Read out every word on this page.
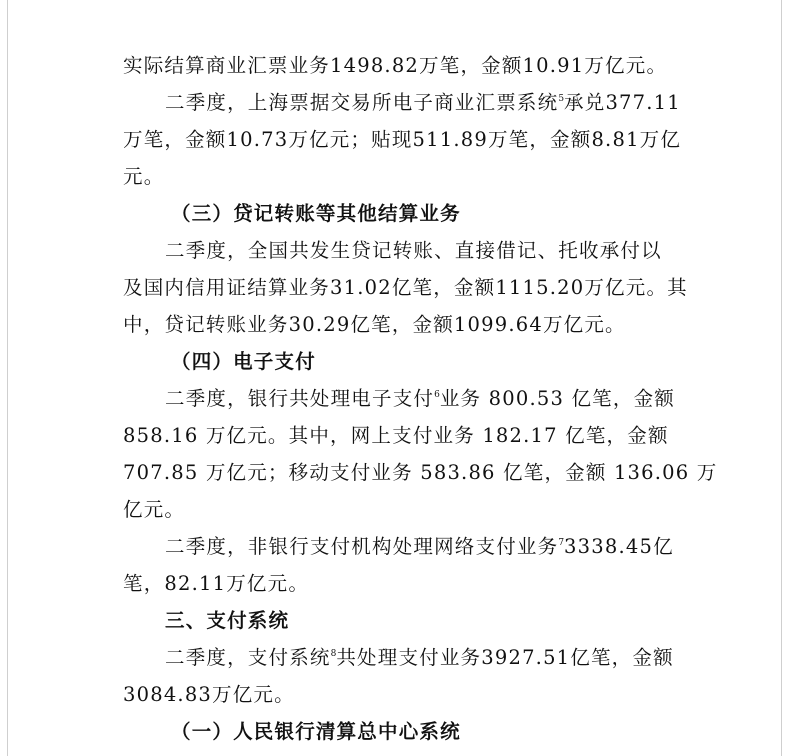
实际结算商业汇票业务1498.82万笔，金额10.91万亿元。

二季度，上海票据交易所电子商业汇票系统$^5$承兑377.11

万笔，金额10.73万亿元；贴现511.89万笔，金额8.81万亿

元。

（三）贷记转账等其他结算业务

二季度，全国共发生贷记转账、直接借记、托收承付以

及国内信用证结算业务31.02亿笔，金额1115.20万亿元。其

中，贷记转账业务30.29亿笔，金额1099.64万亿元。

（四）电子支付

二季度，银行共处理电子支付$^6$业务 800.53 亿笔，金额

858.16 万亿元。其中，网上支付业务 182.17 亿笔，金额

707.85 万亿元；移动支付业务 583.86 亿笔，金额 136.06 万

亿元。

二季度，非银行支付机构处理网络支付业务$^7$3338.45亿

笔，82.11万亿元。

三、支付系统

二季度，支付系统$^8$共处理支付业务3927.51亿笔，金额

3084.83万亿元。

（一）人民银行清算总中心系统
